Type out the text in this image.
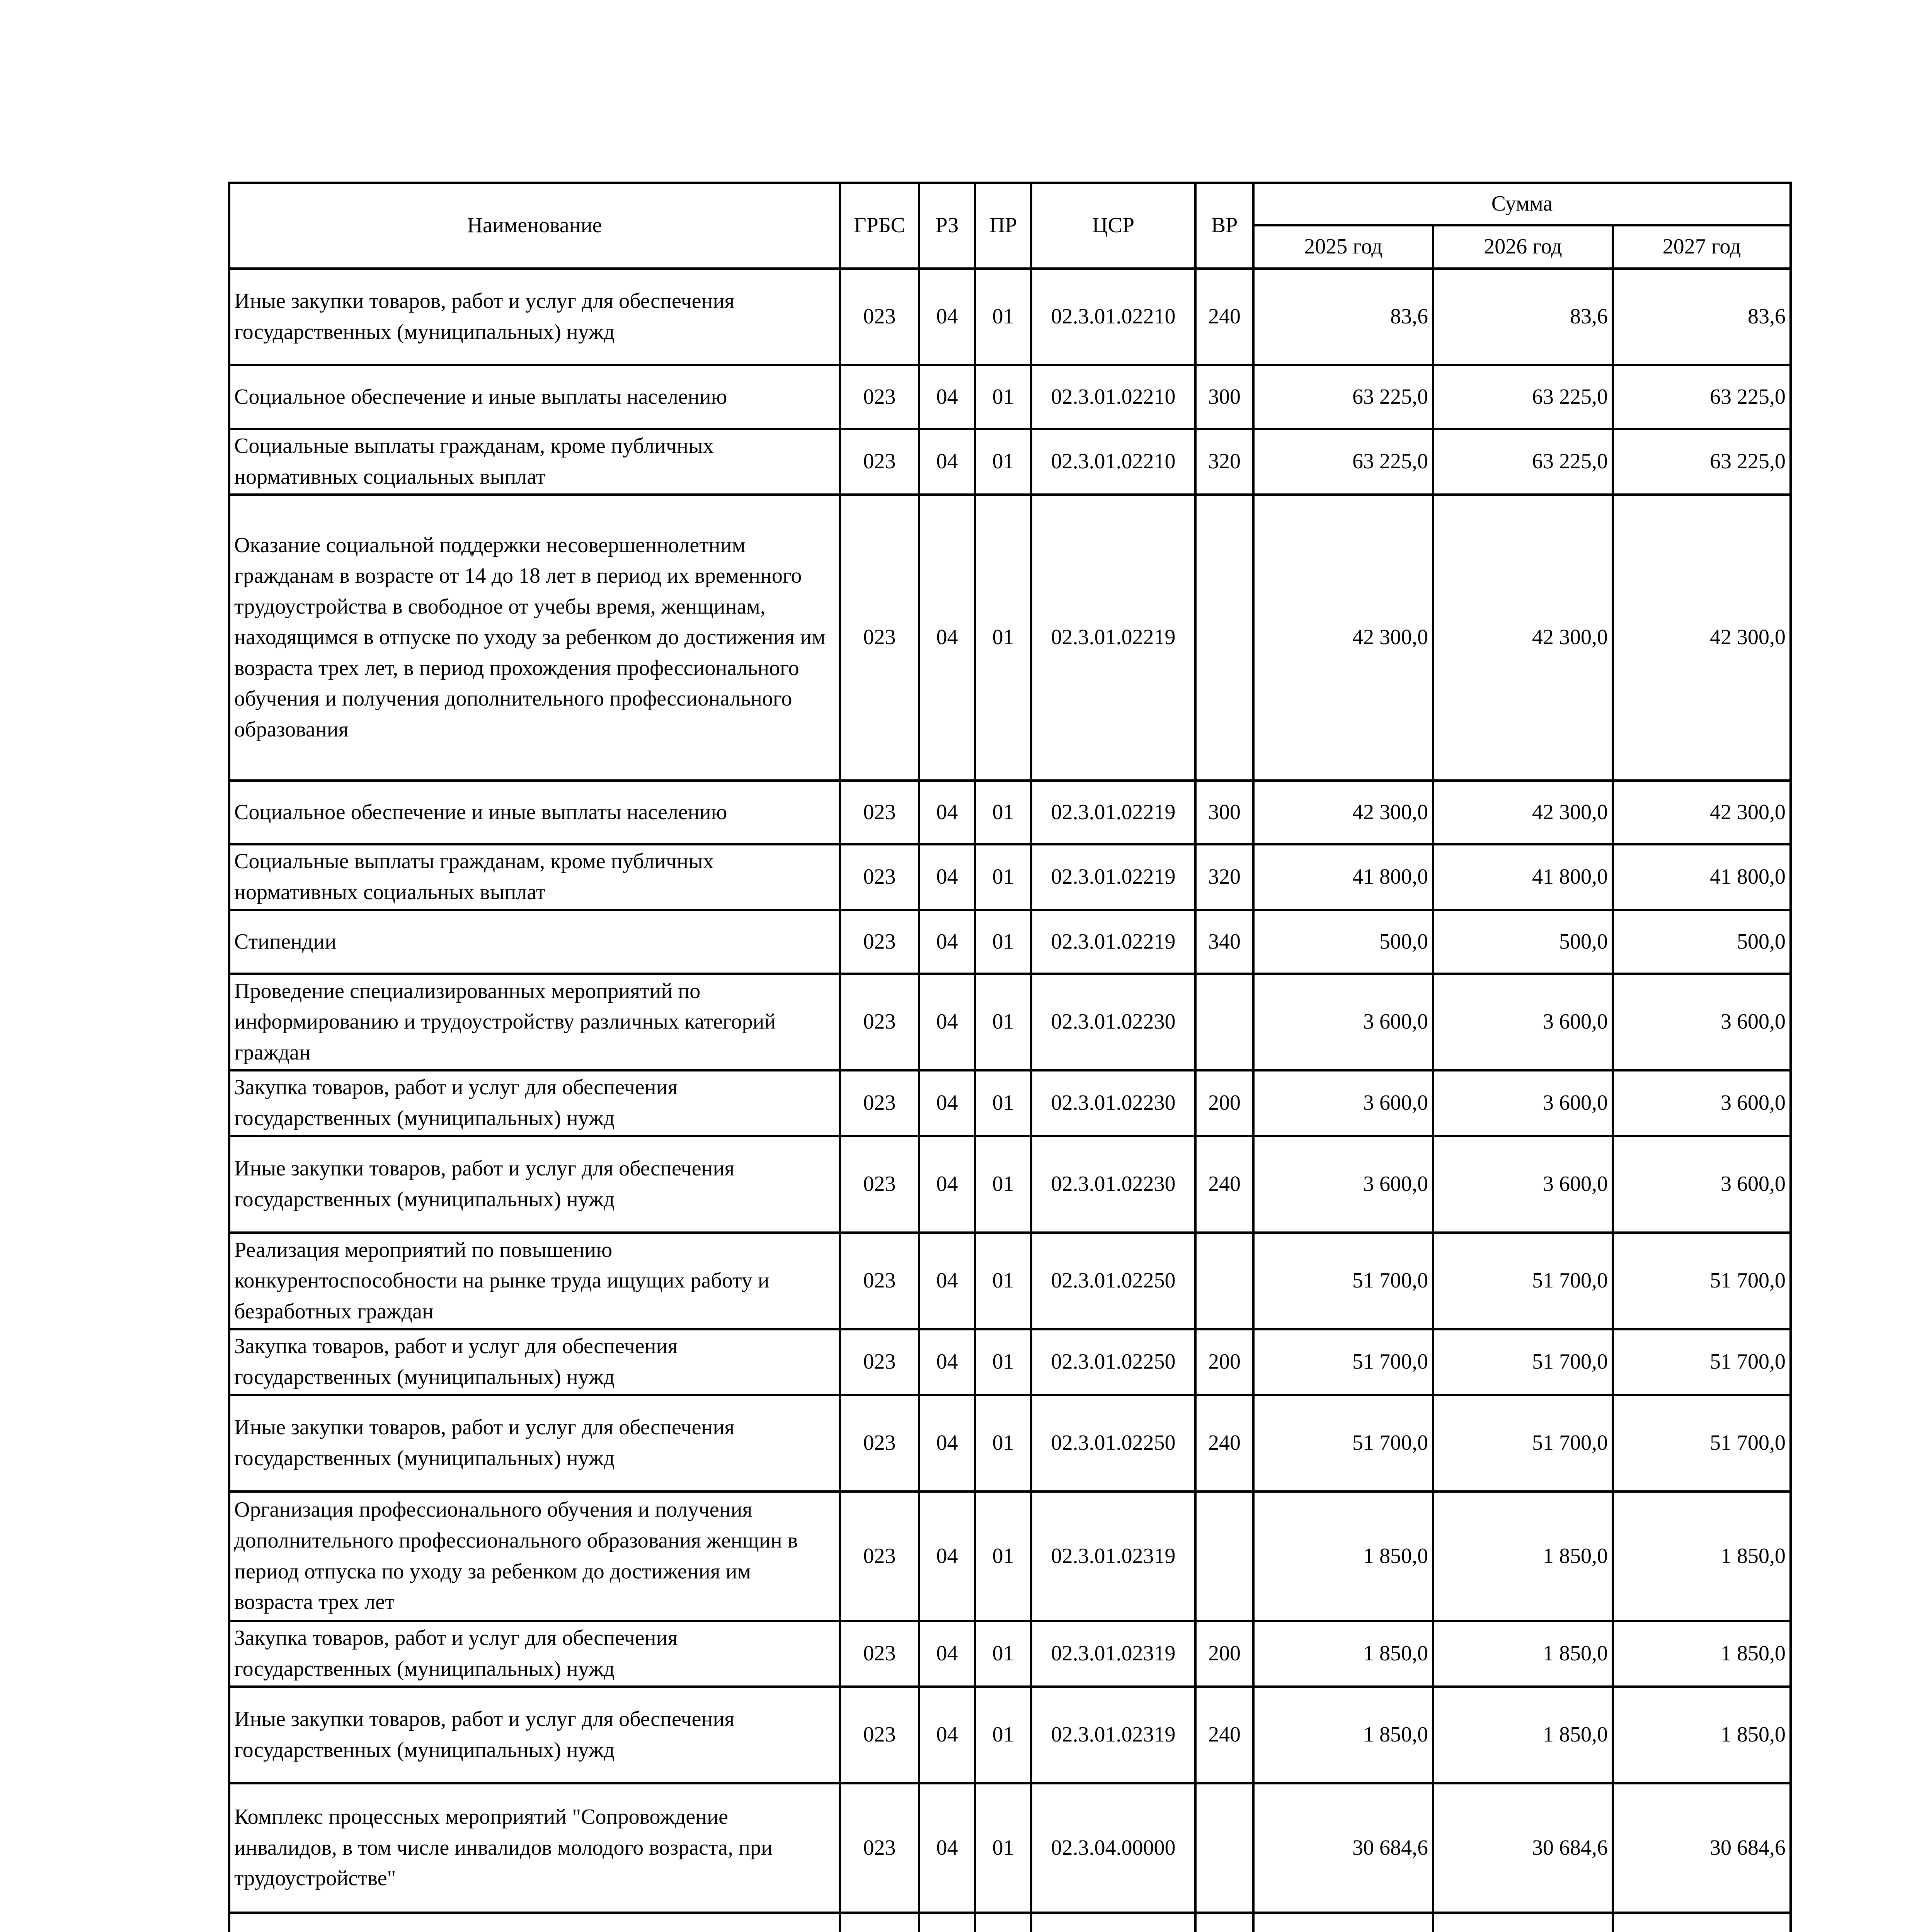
Наименование	ГРБС	РЗ	ПР	ЦСР	ВР	Сумма		
						2025 год	2026 год	2027 год
Иные закупки товаров, работ и услуг для обеспечения государственных (муниципальных) нужд	023	04	01	02.3.01.02210	240	83,6	83,6	83,6
Социальное обеспечение и иные выплаты населению	023	04	01	02.3.01.02210	300	63 225,0	63 225,0	63 225,0
Социальные выплаты гражданам, кроме публичных нормативных социальных выплат	023	04	01	02.3.01.02210	320	63 225,0	63 225,0	63 225,0
Оказание социальной поддержки несовершеннолетним гражданам в возрасте от 14 до 18 лет в период их временного трудоустройства в свободное от учебы время, женщинам, находящимся в отпуске по уходу за ребенком до достижения им возраста трех лет, в период прохождения профессионального обучения и получения дополнительного профессионального образования	023	04	01	02.3.01.02219		42 300,0	42 300,0	42 300,0
Социальное обеспечение и иные выплаты населению	023	04	01	02.3.01.02219	300	42 300,0	42 300,0	42 300,0
Социальные выплаты гражданам, кроме публичных нормативных социальных выплат	023	04	01	02.3.01.02219	320	41 800,0	41 800,0	41 800,0
Стипендии	023	04	01	02.3.01.02219	340	500,0	500,0	500,0
Проведение специализированных мероприятий по информированию и трудоустройству различных категорий граждан	023	04	01	02.3.01.02230		3 600,0	3 600,0	3 600,0
Закупка товаров, работ и услуг для обеспечения государственных (муниципальных) нужд	023	04	01	02.3.01.02230	200	3 600,0	3 600,0	3 600,0
Иные закупки товаров, работ и услуг для обеспечения государственных (муниципальных) нужд	023	04	01	02.3.01.02230	240	3 600,0	3 600,0	3 600,0
Реализация мероприятий по повышению конкурентоспособности на рынке труда ищущих работу и безработных граждан	023	04	01	02.3.01.02250		51 700,0	51 700,0	51 700,0
Закупка товаров, работ и услуг для обеспечения государственных (муниципальных) нужд	023	04	01	02.3.01.02250	200	51 700,0	51 700,0	51 700,0
Иные закупки товаров, работ и услуг для обеспечения государственных (муниципальных) нужд	023	04	01	02.3.01.02250	240	51 700,0	51 700,0	51 700,0
Организация профессионального обучения и получения дополнительного профессионального образования женщин в период отпуска по уходу за ребенком до достижения им возраста трех лет	023	04	01	02.3.01.02319		1 850,0	1 850,0	1 850,0
Закупка товаров, работ и услуг для обеспечения государственных (муниципальных) нужд	023	04	01	02.3.01.02319	200	1 850,0	1 850,0	1 850,0
Иные закупки товаров, работ и услуг для обеспечения государственных (муниципальных) нужд	023	04	01	02.3.01.02319	240	1 850,0	1 850,0	1 850,0
Комплекс процессных мероприятий "Сопровождение инвалидов, в том числе инвалидов молодого возраста, при трудоустройстве"	023	04	01	02.3.04.00000		30 684,6	30 684,6	30 684,6
